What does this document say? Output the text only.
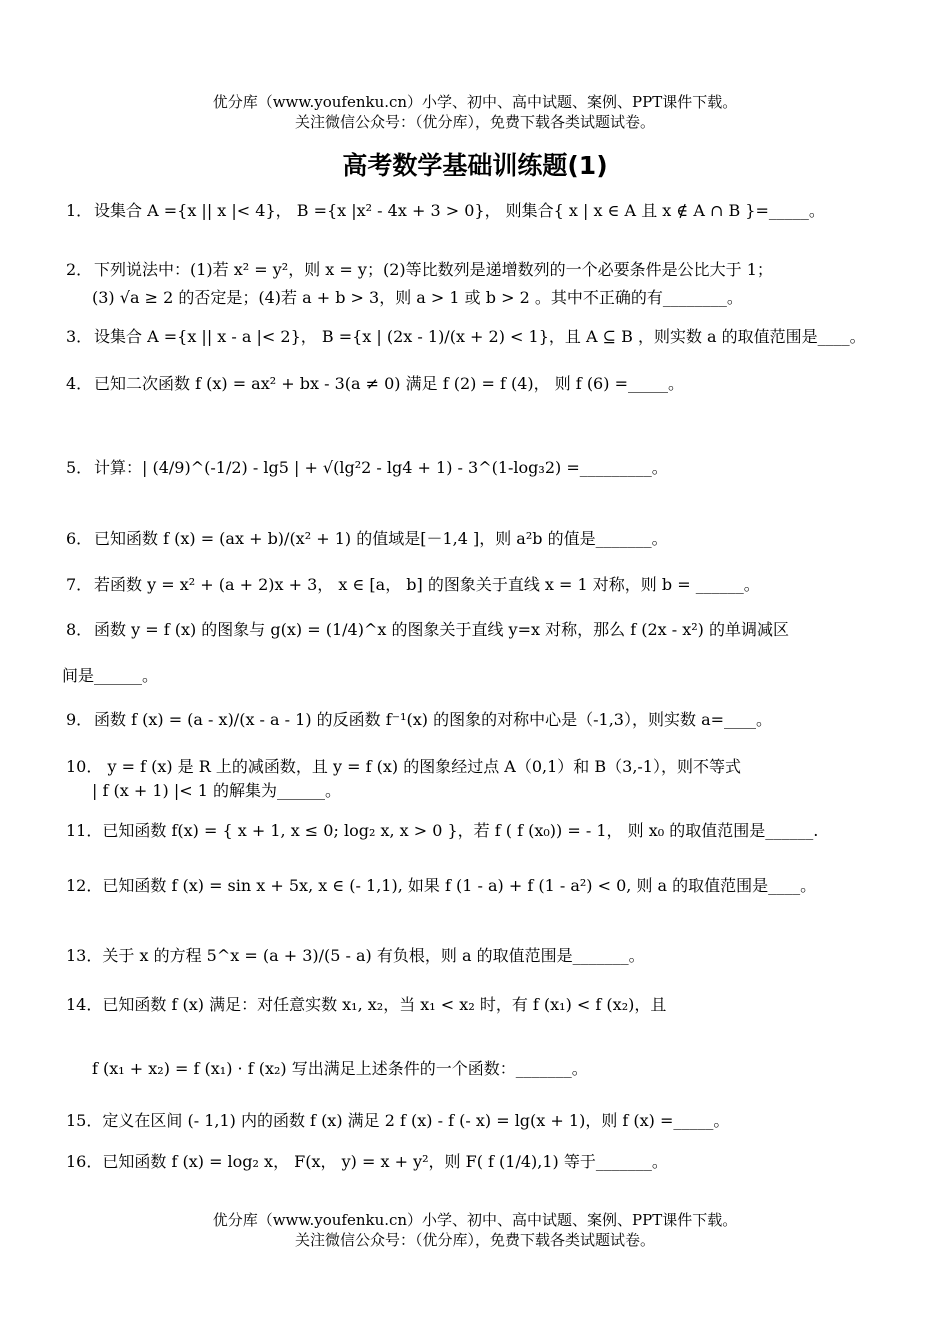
优分库（www.youfenku.cn）小学、初中、高中试题、案例、PPT课件下载。
关注微信公众号：（优分库），免费下载各类试题试卷。
高考数学基础训练题(1)
1． 设集合 A ={x || x |< 4}， B ={x |x² - 4x + 3 > 0}， 则集合{ x | x ∈ A 且 x ∉ A ∩ B }=_____。
2． 下列说法中：(1)若 x² = y²，则 x = y；(2)等比数列是递增数列的一个必要条件是公比大于 1；
(3) √a ≥ 2 的否定是；(4)若 a + b > 3，则 a > 1 或 b > 2 。其中不正确的有________。
3． 设集合 A ={x || x - a |< 2}， B ={x | (2x - 1)/(x + 2) < 1}，且 A ⊆ B ，则实数 a 的取值范围是____。
4． 已知二次函数 f (x) = ax² + bx - 3(a ≠ 0) 满足 f (2) = f (4)， 则 f (6) =_____。
5． 计算：| (4/9)^(-1/2) - lg5 | + √(lg²2 - lg4 + 1) - 3^(1-log₃2) =_________。
6． 已知函数 f (x) = (ax + b)/(x² + 1) 的值域是[－1,4 ]，则 a²b 的值是_______。
7． 若函数 y = x² + (a + 2)x + 3， x ∈ [a， b] 的图象关于直线 x = 1 对称，则 b = ______。
8． 函数 y = f (x) 的图象与 g(x) = (1/4)^x 的图象关于直线 y=x 对称，那么 f (2x - x²) 的单调减区
间是______。
9． 函数 f (x) = (a - x)/(x - a - 1) 的反函数 f⁻¹(x) 的图象的对称中心是（-1,3），则实数 a=____。
10． y = f (x) 是 R 上的减函数，且 y = f (x) 的图象经过点 A（0,1）和 B（3,-1），则不等式
| f (x + 1) |< 1 的解集为______。
11．已知函数 f(x) = { x + 1, x ≤ 0; log₂ x, x > 0 }，若 f ( f (x₀)) = - 1， 则 x₀ 的取值范围是______.
12．已知函数 f (x) = sin x + 5x, x ∈ (- 1,1), 如果 f (1 - a) + f (1 - a²) < 0, 则 a 的取值范围是____。
13．关于 x 的方程 5^x = (a + 3)/(5 - a) 有负根，则 a 的取值范围是_______。
14．已知函数 f (x) 满足：对任意实数 x₁, x₂，当 x₁ < x₂ 时，有 f (x₁) < f (x₂)，且
f (x₁ + x₂) = f (x₁) · f (x₂) 写出满足上述条件的一个函数：_______。
15．定义在区间 (- 1,1) 内的函数 f (x) 满足 2 f (x) - f (- x) = lg(x + 1)，则 f (x) =_____。
16．已知函数 f (x) = log₂ x， F(x， y) = x + y²，则 F( f (1/4),1) 等于_______。
优分库（www.youfenku.cn）小学、初中、高中试题、案例、PPT课件下载。
关注微信公众号：（优分库），免费下载各类试题试卷。
